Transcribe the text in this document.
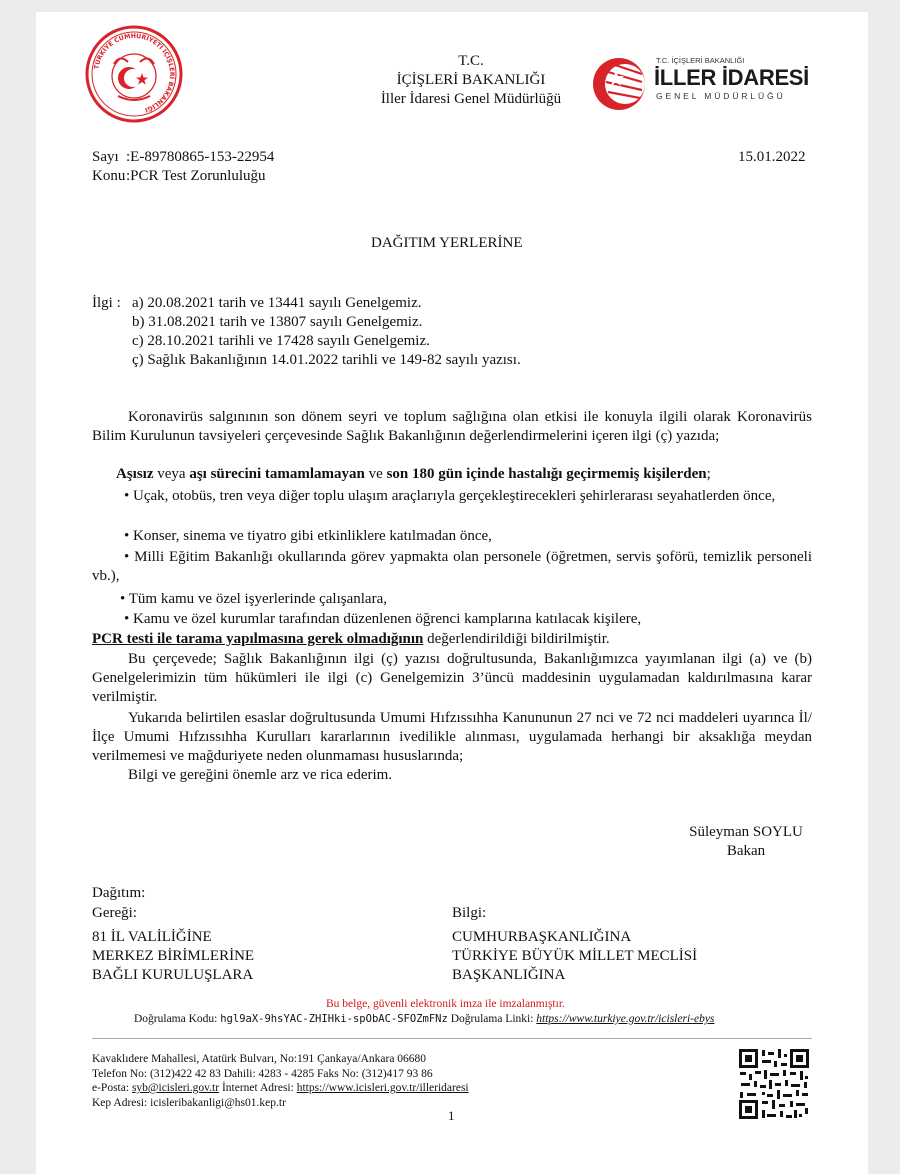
TÜRKİYE CUMHURİYETİ İÇİŞLERİ BAKANLIĞI
T.C.
İÇİŞLERİ BAKANLIĞI
İller İdaresi Genel Müdürlüğü
T.C. İÇİŞLERİ BAKANLIĞI
İLLER İDARESİ
GENEL MÜDÜRLÜĞÜ
Sayı :E-89780865-153-22954
Konu:PCR Test Zorunluluğu
15.01.2022
DAĞITIM YERLERİNE
İlgi : a) 20.08.2021 tarih ve 13441 sayılı Genelgemiz.
b) 31.08.2021 tarih ve 13807 sayılı Genelgemiz.
c) 28.10.2021 tarihli ve 17428 sayılı Genelgemiz.
ç) Sağlık Bakanlığının 14.01.2022 tarihli ve 149-82 sayılı yazısı.
Koronavirüs salgınının son dönem seyri ve toplum sağlığına olan etkisi ile konuyla ilgili olarak Koronavirüs Bilim Kurulunun tavsiyeleri çerçevesinde Sağlık Bakanlığının değerlendirmelerini içeren ilgi (ç) yazıda;
Aşısız veya aşı sürecini tamamlamayan ve son 180 gün içinde hastalığı geçirmemiş kişilerden;
• Uçak, otobüs, tren veya diğer toplu ulaşım araçlarıyla gerçekleştirecekleri şehirlerarası seyahatlerden önce,
• Konser, sinema ve tiyatro gibi etkinliklere katılmadan önce,
• Milli Eğitim Bakanlığı okullarında görev yapmakta olan personele (öğretmen, servis şoförü, temizlik personeli vb.),
• Tüm kamu ve özel işyerlerinde çalışanlara,
• Kamu ve özel kurumlar tarafından düzenlenen öğrenci kamplarına katılacak kişilere,
PCR testi ile tarama yapılmasına gerek olmadığının değerlendirildiği bildirilmiştir.
Bu çerçevede; Sağlık Bakanlığının ilgi (ç) yazısı doğrultusunda, Bakanlığımızca yayımlanan ilgi (a) ve (b) Genelgelerimizin tüm hükümleri ile ilgi (c) Genelgemizin 3’üncü maddesinin uygulamadan kaldırılmasına karar verilmiştir.
Yukarıda belirtilen esaslar doğrultusunda Umumi Hıfzıssıhha Kanununun 27 nci ve 72 nci maddeleri uyarınca İl/İlçe Umumi Hıfzıssıhha Kurulları kararlarının ivedilikle alınması, uygulamada herhangi bir aksaklığa meydan verilmemesi ve mağduriyete neden olunmaması hususlarında;
Bilgi ve gereğini önemle arz ve rica ederim.
Süleyman SOYLU
Bakan
Dağıtım:
Gereği:
81 İL VALİLİĞİNE
MERKEZ BİRİMLERİNE
BAĞLI KURULUŞLARA
Bilgi:
CUMHURBAŞKANLIĞINA
TÜRKİYE BÜYÜK MİLLET MECLİSİ
BAŞKANLIĞINA
Bu belge, güvenli elektronik imza ile imzalanmıştır.
Doğrulama Kodu: hgl9aX-9hsYAC-ZHIHki-spObAC-SFOZmFNz Doğrulama Linki: https://www.turkiye.gov.tr/icisleri-ebys
Kavaklıdere Mahallesi, Atatürk Bulvarı, No:191 Çankaya/Ankara 06680
Telefon No: (312)422 42 83 Dahili: 4283 - 4285 Faks No: (312)417 93 86
e-Posta: syb@icisleri.gov.tr İnternet Adresi: https://www.icisleri.gov.tr/illeridaresi
Kep Adresi: icisleribakanligi@hs01.kep.tr
1
